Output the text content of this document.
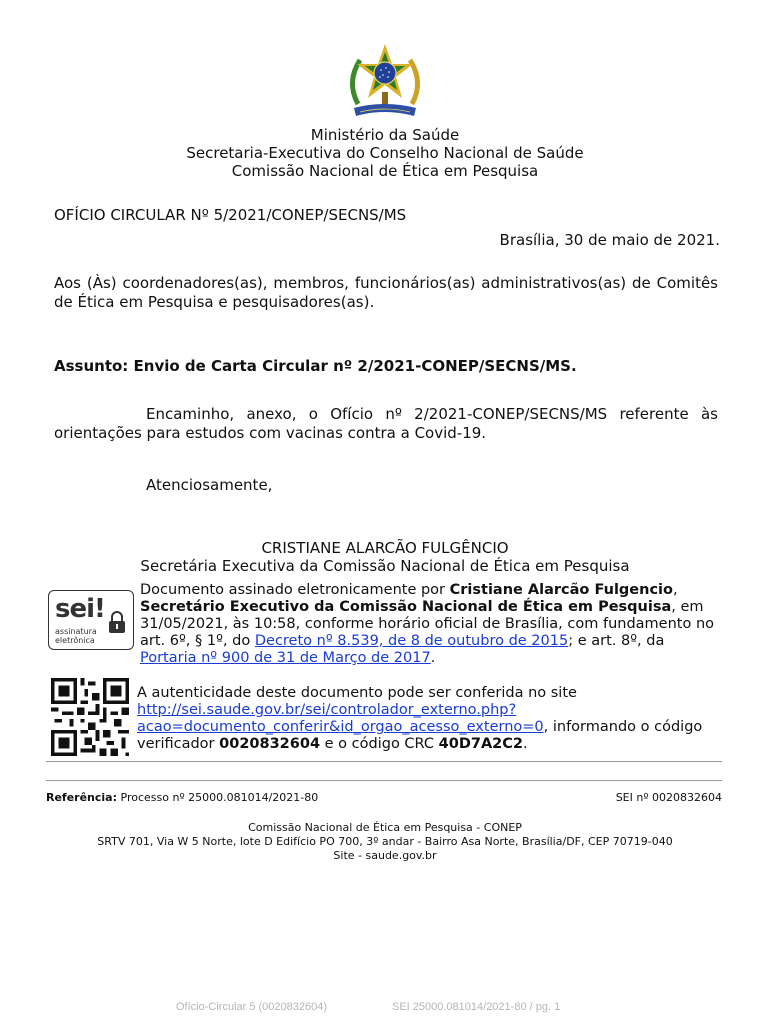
Ministério da Saúde
Secretaria-Executiva do Conselho Nacional de Saúde
Comissão Nacional de Ética em Pesquisa
OFÍCIO CIRCULAR Nº 5/2021/CONEP/SECNS/MS
Brasília, 30 de maio de 2021.
Aos (Às) coordenadores(as), membros, funcionários(as) administrativos(as) de Comitês de Ética em Pesquisa e pesquisadores(as).
Assunto: Envio de Carta Circular nº 2/2021-CONEP/SECNS/MS.
Encaminho, anexo, o Ofício nº 2/2021-CONEP/SECNS/MS referente às orientações para estudos com vacinas contra a Covid-19.
Atenciosamente,
CRISTIANE ALARCÃO FULGÊNCIO
Secretária Executiva da Comissão Nacional de Ética em Pesquisa
sei!
assinatura
eletrônica
Documento assinado eletronicamente por Cristiane Alarcão Fulgencio, Secretário Executivo da Comissão Nacional de Ética em Pesquisa, em 31/05/2021, às 10:58, conforme horário oficial de Brasília, com fundamento no art. 6º, § 1º, do Decreto nº 8.539, de 8 de outubro de 2015; e art. 8º, da Portaria nº 900 de 31 de Março de 2017.
A autenticidade deste documento pode ser conferida no site http://sei.saude.gov.br/sei/controlador_externo.php?
acao=documento_conferir&id_orgao_acesso_externo=0, informando o código verificador 0020832604 e o código CRC 40D7A2C2.
Referência: Processo nº 25000.081014/2021-80	SEI nº 0020832604
Comissão Nacional de Ética em Pesquisa - CONEP
SRTV 701, Via W 5 Norte, lote D Edifício PO 700, 3º andar - Bairro Asa Norte, Brasília/DF, CEP 70719-040
Site - saude.gov.br
Ofício-Circular 5 (0020832604)	SEI 25000.081014/2021-80 / pg. 1
